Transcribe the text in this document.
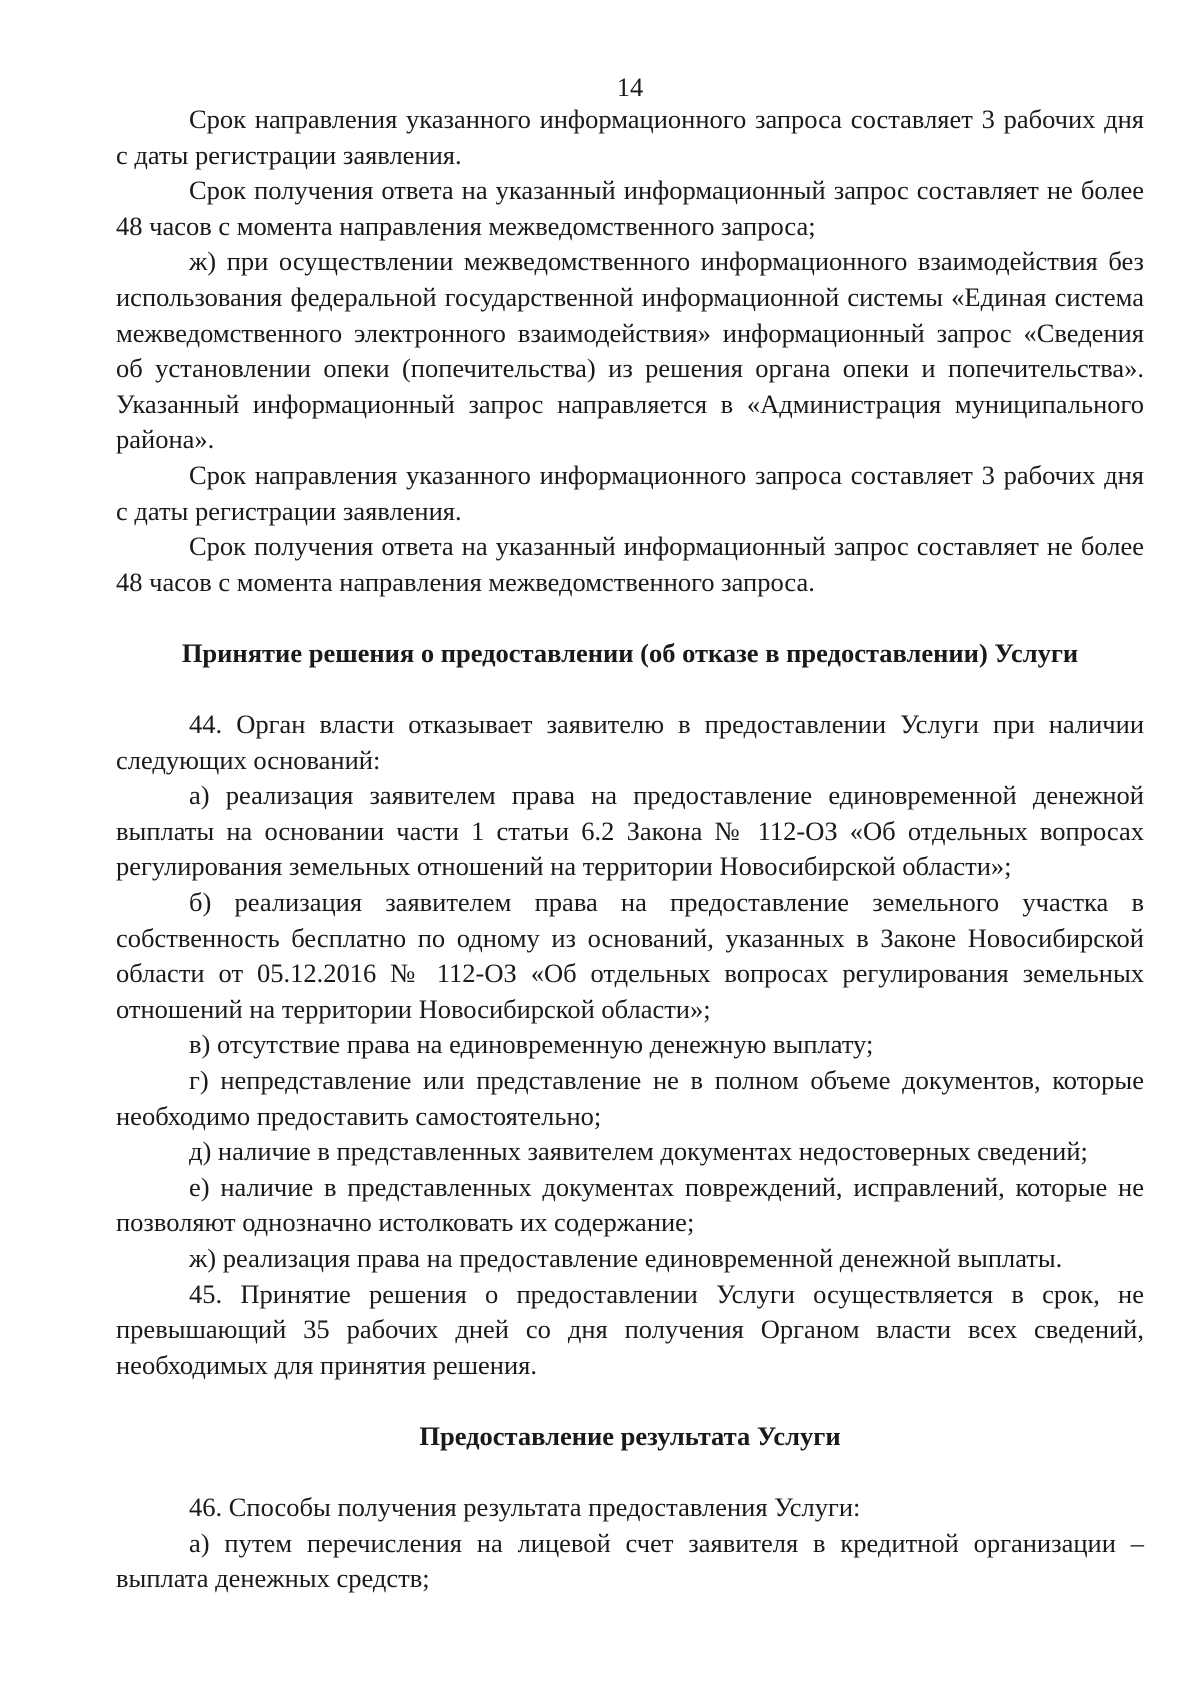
14

Срок направления указанного информационного запроса составляет 3 рабочих дня с даты регистрации заявления.

Срок получения ответа на указанный информационный запрос составляет не более 48 часов с момента направления межведомственного запроса;

ж) при осуществлении межведомственного информационного взаимодействия без использования федеральной государственной информационной системы «Единая система межведомственного электронного взаимодействия» информационный запрос «Сведения об установлении опеки (попечительства) из решения органа опеки и попечительства». Указанный информационный запрос направляется в «Администрация муниципального района».

Срок направления указанного информационного запроса составляет 3 рабочих дня с даты регистрации заявления.

Срок получения ответа на указанный информационный запрос составляет не более 48 часов с момента направления межведомственного запроса.

Принятие решения о предоставлении (об отказе в предоставлении) Услуги

44. Орган власти отказывает заявителю в предоставлении Услуги при наличии следующих оснований:

а) реализация заявителем права на предоставление единовременной денежной выплаты на основании части 1 статьи 6.2 Закона № 112-ОЗ «Об отдельных вопросах регулирования земельных отношений на территории Новосибирской области»;

б) реализация заявителем права на предоставление земельного участка в собственность бесплатно по одному из оснований, указанных в Законе Новосибирской области от 05.12.2016 № 112-ОЗ «Об отдельных вопросах регулирования земельных отношений на территории Новосибирской области»;

в) отсутствие права на единовременную денежную выплату;

г) непредставление или представление не в полном объеме документов, которые необходимо предоставить самостоятельно;

д) наличие в представленных заявителем документах недостоверных сведений;

е) наличие в представленных документах повреждений, исправлений, которые не позволяют однозначно истолковать их содержание;

ж) реализация права на предоставление единовременной денежной выплаты.

45. Принятие решения о предоставлении Услуги осуществляется в срок, не превышающий 35 рабочих дней со дня получения Органом власти всех сведений, необходимых для принятия решения.

Предоставление результата Услуги

46. Способы получения результата предоставления Услуги:

а) путем перечисления на лицевой счет заявителя в кредитной организации – выплата денежных средств;
